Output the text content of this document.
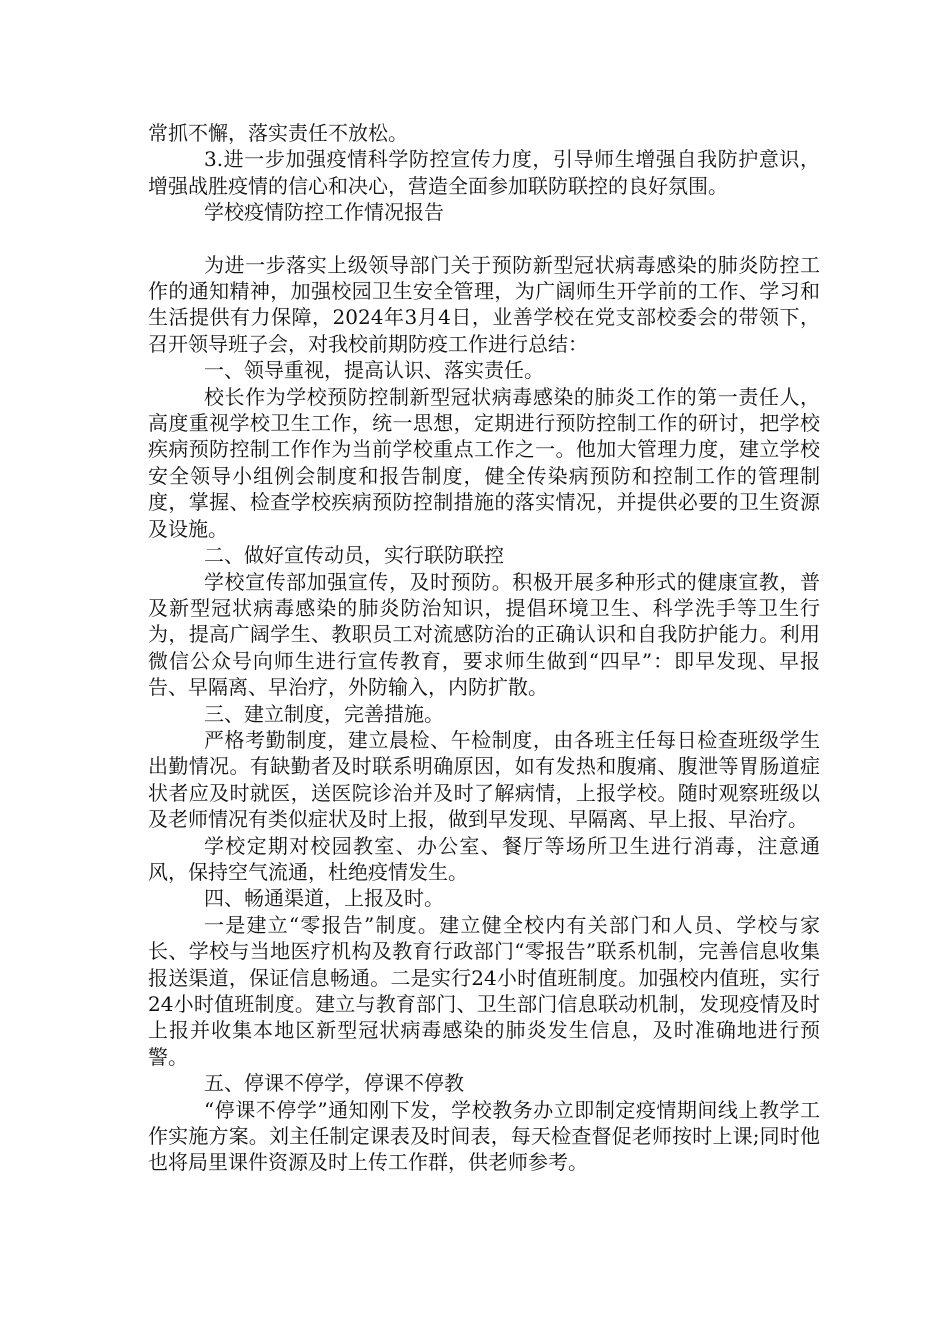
常抓不懈，落实责任不放松。

3.进一步加强疫情科学防控宣传力度，引导师生增强自我防护意识，增强战胜疫情的信心和决心，营造全面参加联防联控的良好氛围。

学校疫情防控工作情况报告

为进一步落实上级领导部门关于预防新型冠状病毒感染的肺炎防控工作的通知精神，加强校园卫生安全管理，为广阔师生开学前的工作、学习和生活提供有力保障，2024年3月4日，业善学校在党支部校委会的带领下，召开领导班子会，对我校前期防疫工作进行总结：

一、领导重视，提高认识、落实责任。

校长作为学校预防控制新型冠状病毒感染的肺炎工作的第一责任人，高度重视学校卫生工作，统一思想，定期进行预防控制工作的研讨，把学校疾病预防控制工作作为当前学校重点工作之一。他加大管理力度，建立学校安全领导小组例会制度和报告制度，健全传染病预防和控制工作的管理制度，掌握、检查学校疾病预防控制措施的落实情况，并提供必要的卫生资源及设施。

二、做好宣传动员，实行联防联控

学校宣传部加强宣传，及时预防。积极开展多种形式的健康宣教，普及新型冠状病毒感染的肺炎防治知识，提倡环境卫生、科学洗手等卫生行为，提高广阔学生、教职员工对流感防治的正确认识和自我防护能力。利用微信公众号向师生进行宣传教育，要求师生做到“四早”：即早发现、早报告、早隔离、早治疗，外防输入，内防扩散。

三、建立制度，完善措施。

严格考勤制度，建立晨检、午检制度，由各班主任每日检查班级学生出勤情况。有缺勤者及时联系明确原因，如有发热和腹痛、腹泄等胃肠道症状者应及时就医，送医院诊治并及时了解病情，上报学校。随时观察班级以及老师情况有类似症状及时上报，做到早发现、早隔离、早上报、早治疗。

学校定期对校园教室、办公室、餐厅等场所卫生进行消毒，注意通风，保持空气流通，杜绝疫情发生。

四、畅通渠道，上报及时。

一是建立“零报告”制度。建立健全校内有关部门和人员、学校与家长、学校与当地医疗机构及教育行政部门“零报告”联系机制，完善信息收集报送渠道，保证信息畅通。二是实行24小时值班制度。加强校内值班，实行24小时值班制度。建立与教育部门、卫生部门信息联动机制，发现疫情及时上报并收集本地区新型冠状病毒感染的肺炎发生信息，及时准确地进行预警。

五、停课不停学，停课不停教

“停课不停学”通知刚下发，学校教务办立即制定疫情期间线上教学工作实施方案。刘主任制定课表及时间表，每天检查督促老师按时上课;同时他也将局里课件资源及时上传工作群，供老师参考。
